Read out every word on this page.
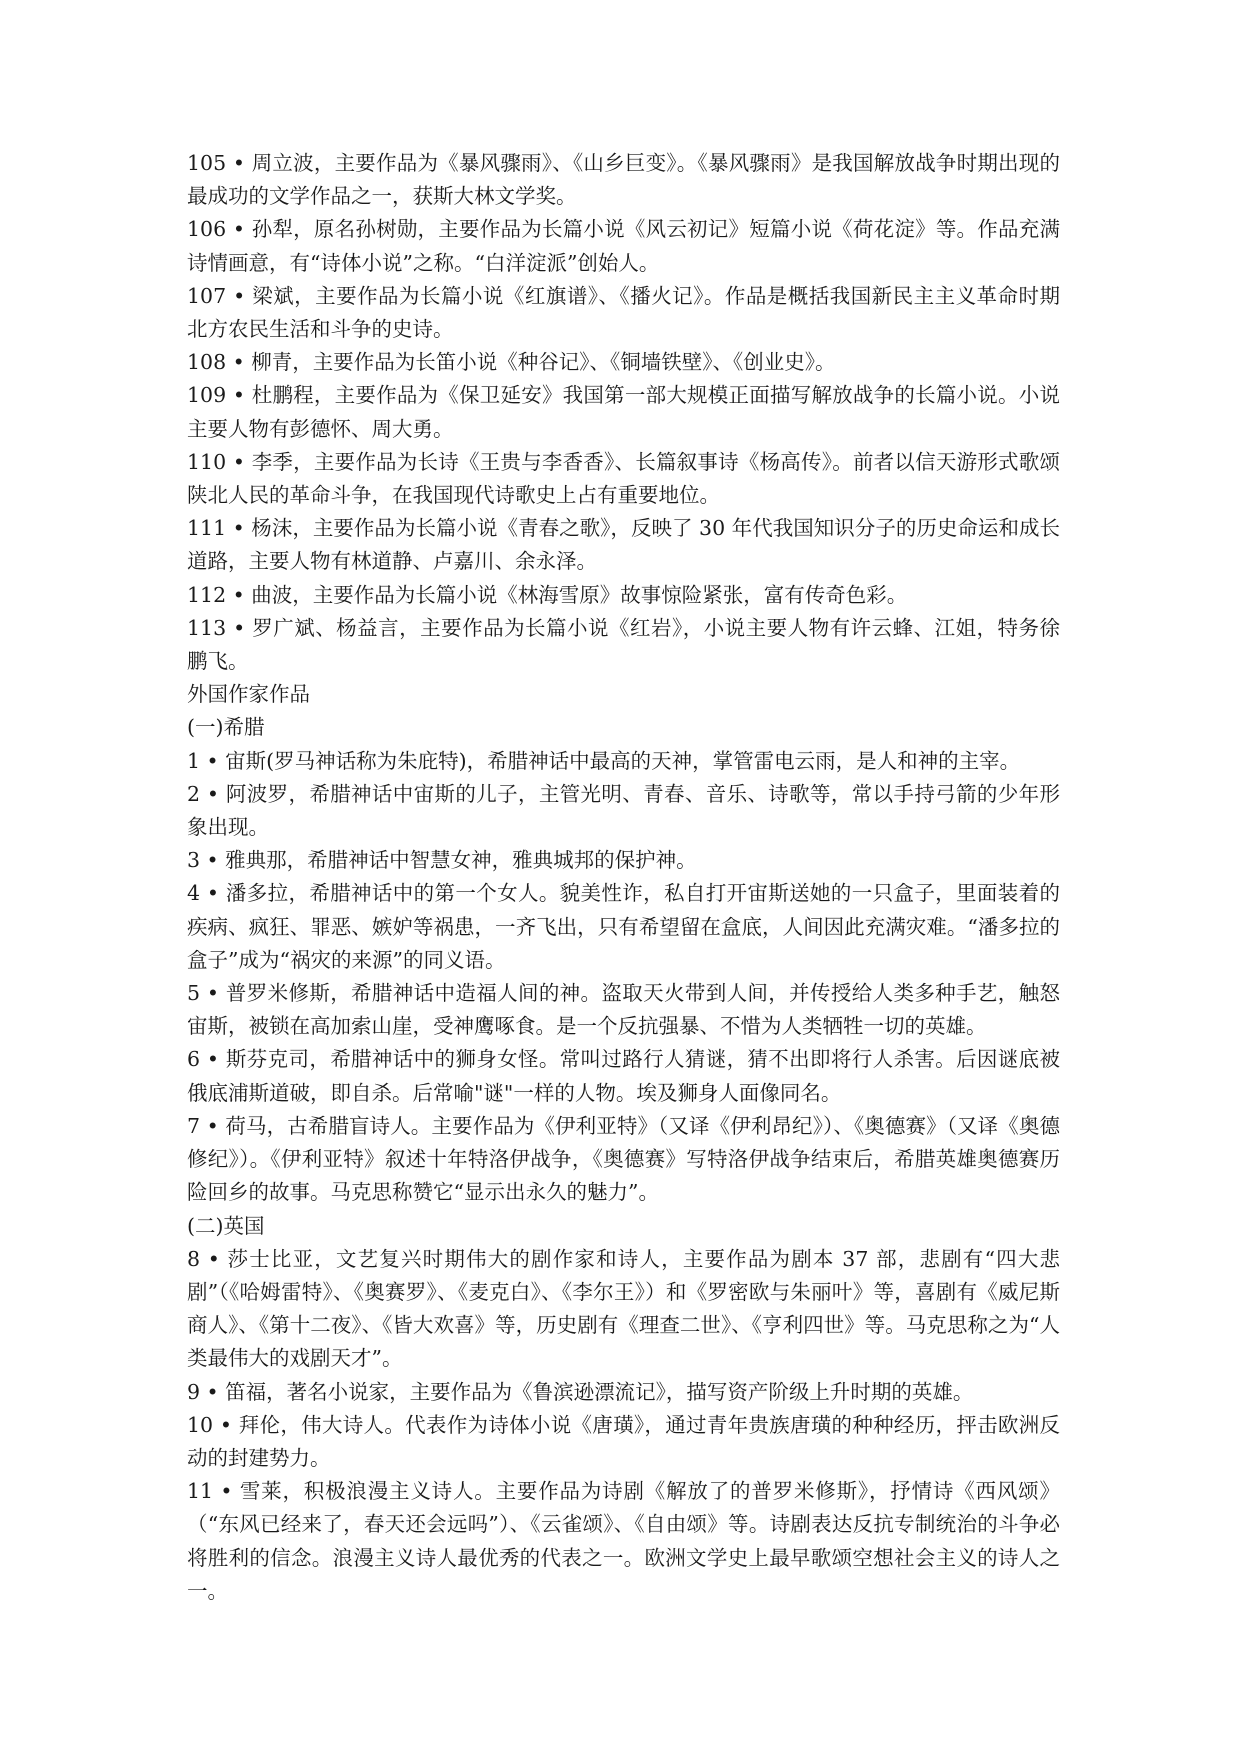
105 • 周立波，主要作品为《暴风骤雨》、《山乡巨变》。《暴风骤雨》是我国解放战争时期出现的最成功的文学作品之一，获斯大林文学奖。

106 • 孙犁，原名孙树勋，主要作品为长篇小说《风云初记》短篇小说《荷花淀》等。作品充满诗情画意，有“诗体小说”之称。“白洋淀派”创始人。

107 • 梁斌，主要作品为长篇小说《红旗谱》、《播火记》。作品是概括我国新民主主义革命时期北方农民生活和斗争的史诗。

108 • 柳青，主要作品为长笛小说《种谷记》、《铜墙铁壁》、《创业史》。

109 • 杜鹏程，主要作品为《保卫延安》我国第一部大规模正面描写解放战争的长篇小说。小说主要人物有彭德怀、周大勇。

110 • 李季，主要作品为长诗《王贵与李香香》、长篇叙事诗《杨高传》。前者以信天游形式歌颂陕北人民的革命斗争，在我国现代诗歌史上占有重要地位。

111 • 杨沫，主要作品为长篇小说《青春之歌》，反映了 30 年代我国知识分子的历史命运和成长道路，主要人物有林道静、卢嘉川、余永泽。

112 • 曲波，主要作品为长篇小说《林海雪原》故事惊险紧张，富有传奇色彩。

113 • 罗广斌、杨益言，主要作品为长篇小说《红岩》，小说主要人物有许云蜂、江姐，特务徐鹏飞。

外国作家作品

(一)希腊

1 • 宙斯(罗马神话称为朱庇特)，希腊神话中最高的天神，掌管雷电云雨，是人和神的主宰。

2 • 阿波罗，希腊神话中宙斯的儿子，主管光明、青春、音乐、诗歌等，常以手持弓箭的少年形象出现。

3 • 雅典那，希腊神话中智慧女神，雅典城邦的保护神。

4 • 潘多拉，希腊神话中的第一个女人。貌美性诈，私自打开宙斯送她的一只盒子，里面装着的疾病、疯狂、罪恶、嫉妒等祸患，一齐飞出，只有希望留在盒底，人间因此充满灾难。“潘多拉的盒子”成为“祸灾的来源”的同义语。

5 • 普罗米修斯，希腊神话中造福人间的神。盗取天火带到人间，并传授给人类多种手艺，触怒宙斯，被锁在高加索山崖，受神鹰啄食。是一个反抗强暴、不惜为人类牺牲一切的英雄。

6 • 斯芬克司，希腊神话中的狮身女怪。常叫过路行人猜谜，猜不出即将行人杀害。后因谜底被俄底浦斯道破，即自杀。后常喻"谜"一样的人物。埃及狮身人面像同名。

7 • 荷马，古希腊盲诗人。主要作品为《伊利亚特》（又译《伊利昂纪》）、《奥德赛》（又译《奥德修纪》）。《伊利亚特》叙述十年特洛伊战争，《奥德赛》写特洛伊战争结束后，希腊英雄奥德赛历险回乡的故事。马克思称赞它“显示出永久的魅力”。

(二)英国

8 • 莎士比亚，文艺复兴时期伟大的剧作家和诗人，主要作品为剧本 37 部，悲剧有“四大悲剧”（《哈姆雷特》、《奥赛罗》、《麦克白》、《李尔王》）和《罗密欧与朱丽叶》等，喜剧有《威尼斯商人》、《第十二夜》、《皆大欢喜》等，历史剧有《理查二世》、《亨利四世》等。马克思称之为“人类最伟大的戏剧天才”。

9 • 笛福，著名小说家，主要作品为《鲁滨逊漂流记》，描写资产阶级上升时期的英雄。

10 • 拜伦，伟大诗人。代表作为诗体小说《唐璜》，通过青年贵族唐璜的种种经历，抨击欧洲反动的封建势力。

11 • 雪莱，积极浪漫主义诗人。主要作品为诗剧《解放了的普罗米修斯》，抒情诗《西风颂》（“东风已经来了，春天还会远吗”）、《云雀颂》、《自由颂》等。诗剧表达反抗专制统治的斗争必将胜利的信念。浪漫主义诗人最优秀的代表之一。欧洲文学史上最早歌颂空想社会主义的诗人之一。
